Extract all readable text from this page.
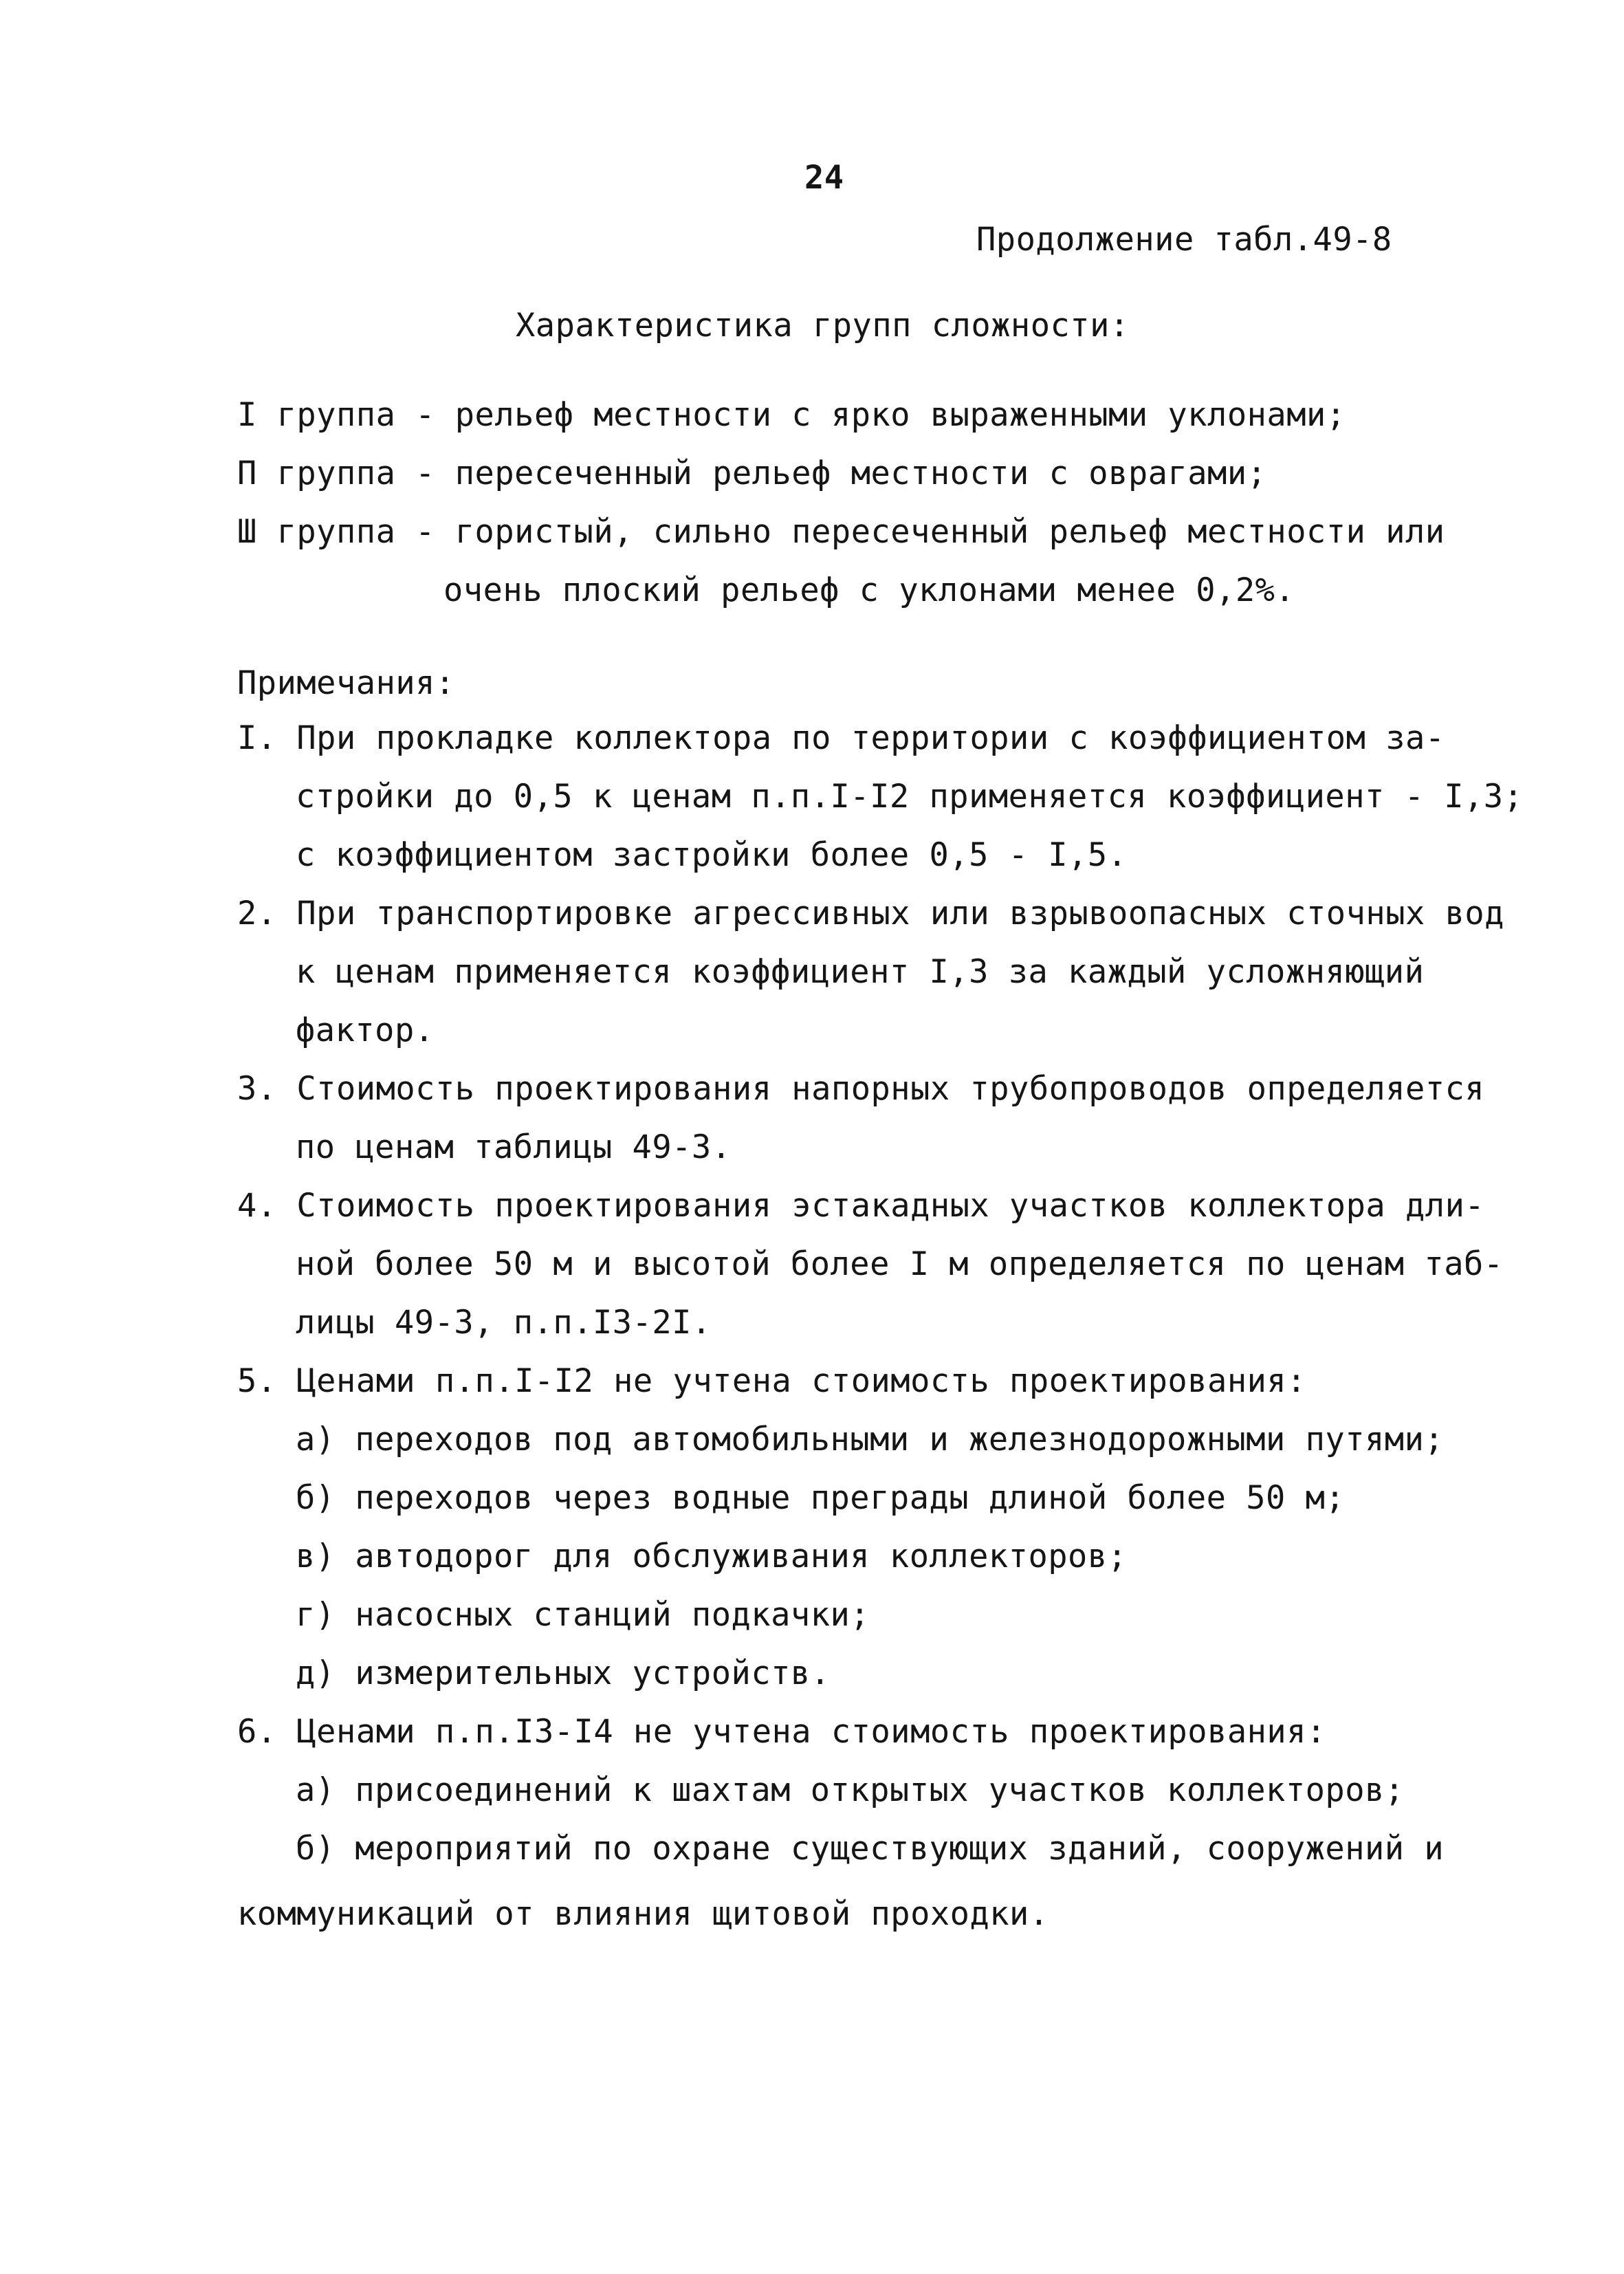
24
Продолжение табл.49-8
Характеристика групп сложности:
I группа - рельеф местности с ярко выраженными уклонами;
П группа - пересеченный рельеф местности с оврагами;
Ш группа - гористый, сильно пересеченный рельеф местности или
очень плоский рельеф с уклонами менее 0,2%.
Примечания:
I. При прокладке коллектора по территории с коэффициентом за-
стройки до 0,5 к ценам п.п.I-I2 применяется коэффициент - I,3;
с коэффициентом застройки более 0,5 - I,5.
2. При транспортировке агрессивных или взрывоопасных сточных вод
к ценам применяется коэффициент I,3 за каждый усложняющий
фактор.
3. Стоимость проектирования напорных трубопроводов определяется
по ценам таблицы 49-3.
4. Стоимость проектирования эстакадных участков коллектора дли-
ной более 50 м и высотой более I м определяется по ценам таб-
лицы 49-3, п.п.I3-2I.
5. Ценами п.п.I-I2 не учтена стоимость проектирования:
а) переходов под автомобильными и железнодорожными путями;
б) переходов через водные преграды длиной более 50 м;
в) автодорог для обслуживания коллекторов;
г) насосных станций подкачки;
д) измерительных устройств.
6. Ценами п.п.I3-I4 не учтена стоимость проектирования:
а) присоединений к шахтам открытых участков коллекторов;
б) мероприятий по охране существующих зданий, сооружений и
коммуникаций от влияния щитовой проходки.
